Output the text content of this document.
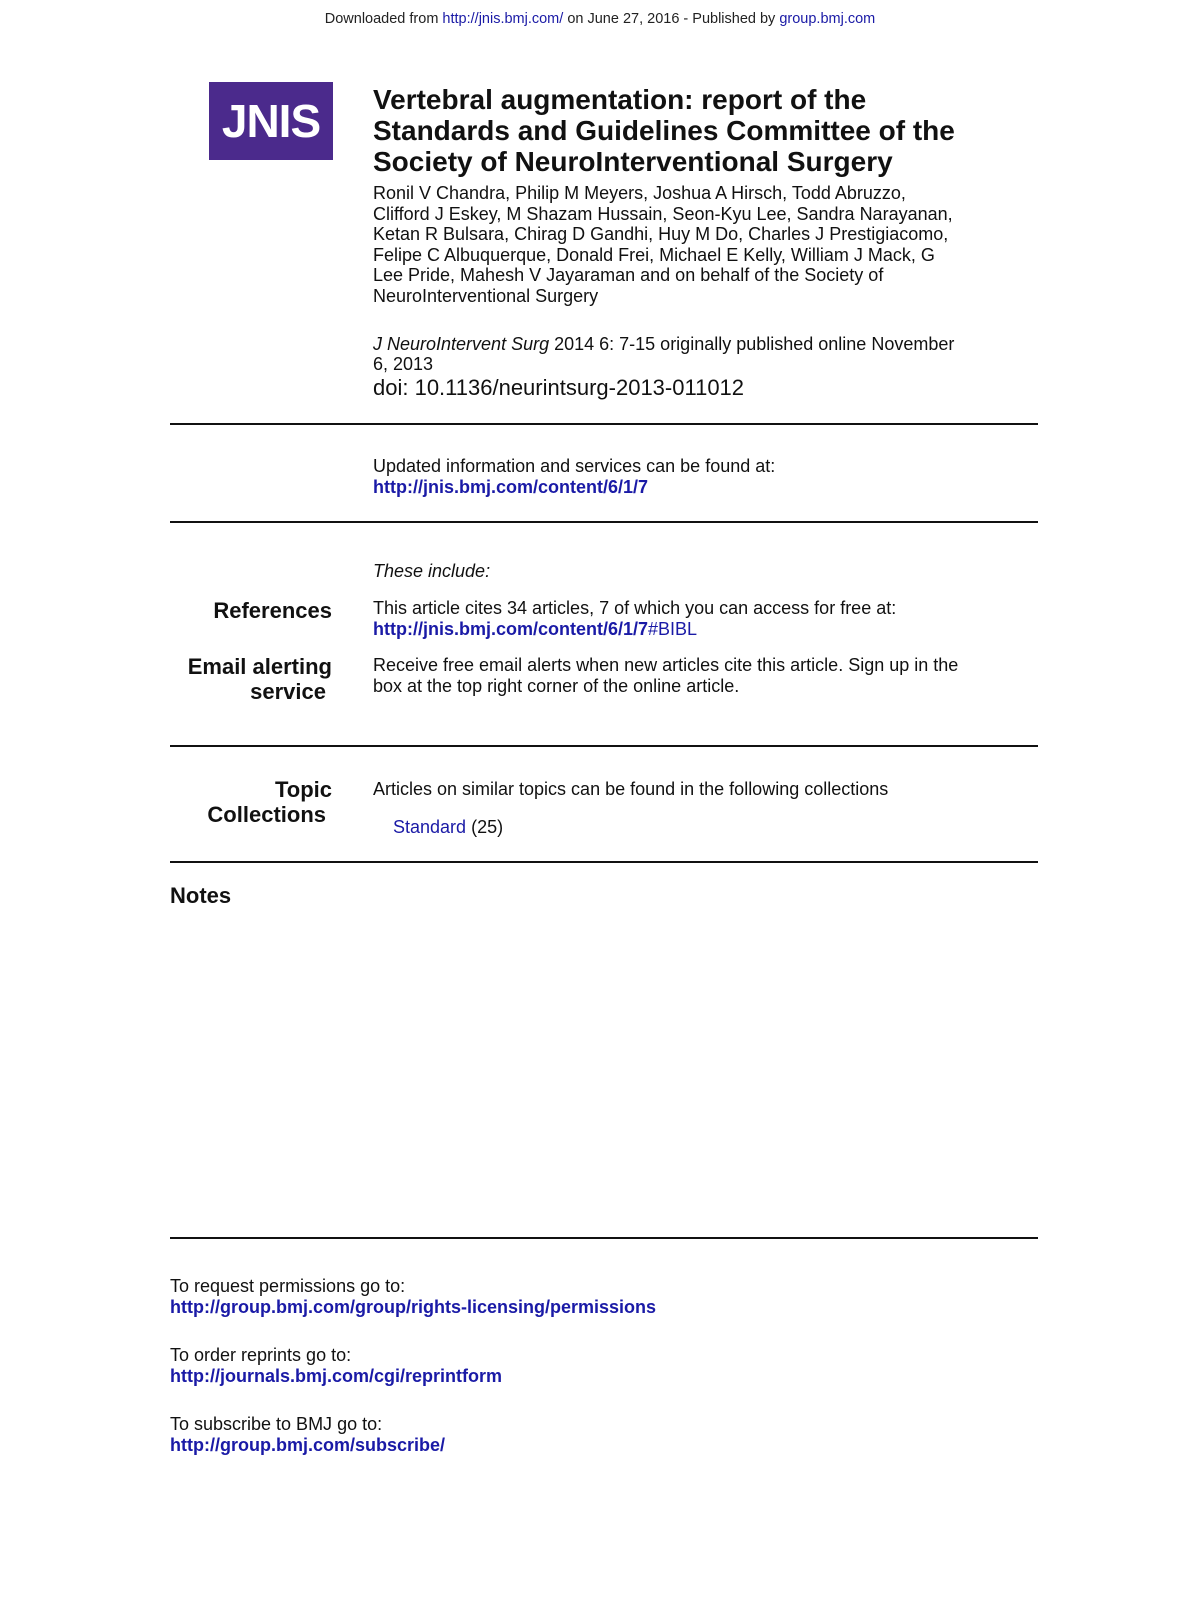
Downloaded from http://jnis.bmj.com/ on June 27, 2016 - Published by group.bmj.com
JNIS Vertebral augmentation: report of the
Standards and Guidelines Committee of the
Society of NeuroInterventional Surgery
Ronil V Chandra, Philip M Meyers, Joshua A Hirsch, Todd Abruzzo,
Clifford J Eskey, M Shazam Hussain, Seon-Kyu Lee, Sandra Narayanan,
Ketan R Bulsara, Chirag D Gandhi, Huy M Do, Charles J Prestigiacomo,
Felipe C Albuquerque, Donald Frei, Michael E Kelly, William J Mack, G
Lee Pride, Mahesh V Jayaraman and on behalf of the Society of
NeuroInterventional Surgery
J NeuroIntervent Surg 2014 6: 7-15 originally published online November
6, 2013
doi: 10.1136/neurintsurg-2013-011012
Updated information and services can be found at:
http://jnis.bmj.com/content/6/1/7
These include:
References This article cites 34 articles, 7 of which you can access for free at:
http://jnis.bmj.com/content/6/1/7#BIBL
Email alerting
service
Receive free email alerts when new articles cite this article. Sign up in the
box at the top right corner of the online article.
Topic
Collections
Articles on similar topics can be found in the following collections
Standard (25)
Notes
To request permissions go to:
http://group.bmj.com/group/rights-licensing/permissions
To order reprints go to:
http://journals.bmj.com/cgi/reprintform
To subscribe to BMJ go to:
http://group.bmj.com/subscribe/
